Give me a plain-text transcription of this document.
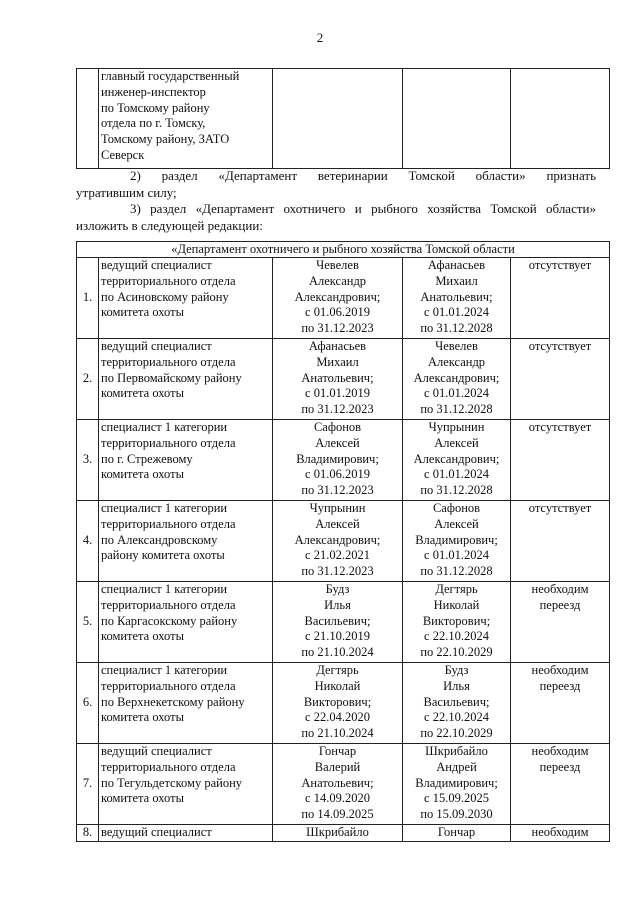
2

главный государственный
инженер-инспектор
по Томскому району
отдела по г. Томску,
Томскому району, ЗАТО
Северск

2) раздел «Департамент ветеринарии Томской области» признать
утратившим силу;
3) раздел «Департамент охотничего и рыбного хозяйства Томской области»
изложить в следующей редакции:
«Департамент охотничего и рыбного хозяйства Томской области				
1.	ведущий специалист
территориального отдела
по Асиновскому району
комитета охоты	Чевелев
Александр
Александрович;
с 01.06.2019
по 31.12.2023	Афанасьев
Михаил
Анатольевич;
с 01.01.2024
по 31.12.2028	отсутствует

2.	ведущий специалист
территориального отдела
по Первомайскому району
комитета охоты	Афанасьев
Михаил
Анатольевич;
с 01.01.2019
по 31.12.2023	Чевелев
Александр
Александрович;
с 01.01.2024
по 31.12.2028	отсутствует

3.	специалист 1 категории
территориального отдела
по г. Стрежевому
комитета охоты	Сафонов
Алексей
Владимирович;
с 01.06.2019
по 31.12.2023	Чупрынин
Алексей
Александрович;
с 01.01.2024
по 31.12.2028	отсутствует

4.	специалист 1 категории
территориального отдела
по Александровскому
району комитета охоты	Чупрынин
Алексей
Александрович;
с 21.02.2021
по 31.12.2023	Сафонов
Алексей
Владимирович;
с 01.01.2024
по 31.12.2028	отсутствует

5.	специалист 1 категории
территориального отдела
по Каргасокскому району
комитета охоты	Будз
Илья
Васильевич;
с 21.10.2019
по 21.10.2024	Дегтярь
Николай
Викторович;
с 22.10.2024
по 22.10.2029	необходим
переезд

6.	специалист 1 категории
территориального отдела
по Верхнекетскому району
комитета охоты	Дегтярь
Николай
Викторович;
с 22.04.2020
по 21.10.2024	Будз
Илья
Васильевич;
с 22.10.2024
по 22.10.2029	необходим
переезд

7.	ведущий специалист
территориального отдела
по Тегульдетскому району
комитета охоты	Гончар
Валерий
Анатольевич;
с 14.09.2020
по 14.09.2025	Шкрибайло
Андрей
Владимирович;
с 15.09.2025
по 15.09.2030	необходим
переезд

8.	ведущий специалист	Шкрибайло	Гончар	необходим
